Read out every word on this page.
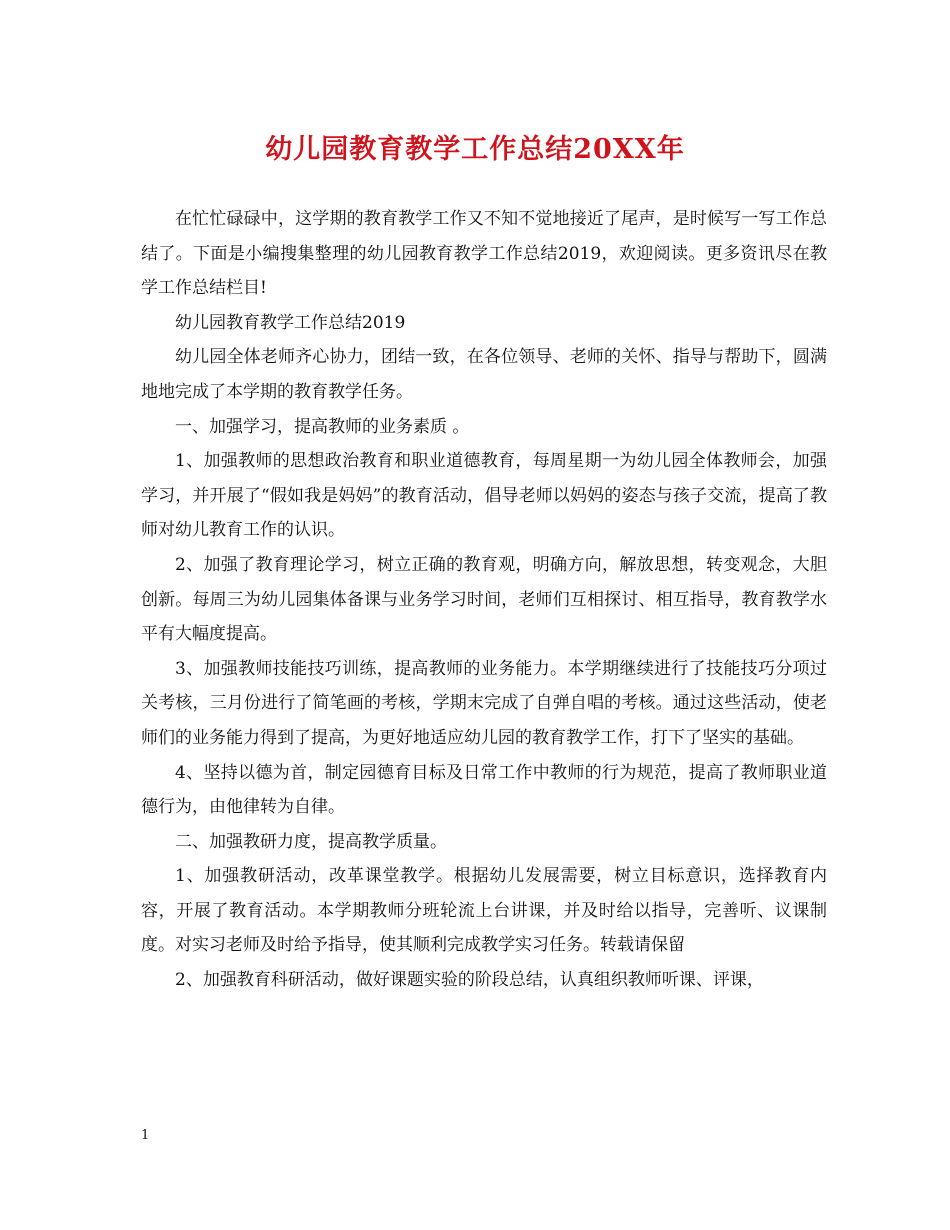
幼儿园教育教学工作总结20XX年

在忙忙碌碌中，这学期的教育教学工作又不知不觉地接近了尾声，是时候写一写工作总结了。下面是小编搜集整理的幼儿园教育教学工作总结2019，欢迎阅读。更多资讯尽在教学工作总结栏目!

幼儿园教育教学工作总结2019

幼儿园全体老师齐心协力，团结一致，在各位领导、老师的关怀、指导与帮助下，圆满地地完成了本学期的教育教学任务。

一、加强学习，提高教师的业务素质 。

1、加强教师的思想政治教育和职业道德教育，每周星期一为幼儿园全体教师会，加强学习，并开展了“假如我是妈妈”的教育活动，倡导老师以妈妈的姿态与孩子交流，提高了教师对幼儿教育工作的认识。

2、加强了教育理论学习，树立正确的教育观，明确方向，解放思想，转变观念，大胆创新。每周三为幼儿园集体备课与业务学习时间，老师们互相探讨、相互指导，教育教学水平有大幅度提高。

3、加强教师技能技巧训练，提高教师的业务能力。本学期继续进行了技能技巧分项过关考核，三月份进行了简笔画的考核，学期末完成了自弹自唱的考核。通过这些活动，使老师们的业务能力得到了提高，为更好地适应幼儿园的教育教学工作，打下了坚实的基础。

4、坚持以德为首，制定园德育目标及日常工作中教师的行为规范，提高了教师职业道德行为，由他律转为自律。

二、加强教研力度，提高教学质量。

1、加强教研活动，改革课堂教学。根据幼儿发展需要，树立目标意识，选择教育内容，开展了教育活动。本学期教师分班轮流上台讲课，并及时给以指导，完善听、议课制度。对实习老师及时给予指导，使其顺利完成教学实习任务。转载请保留

2、加强教育科研活动，做好课题实验的阶段总结，认真组织教师听课、评课，

1
